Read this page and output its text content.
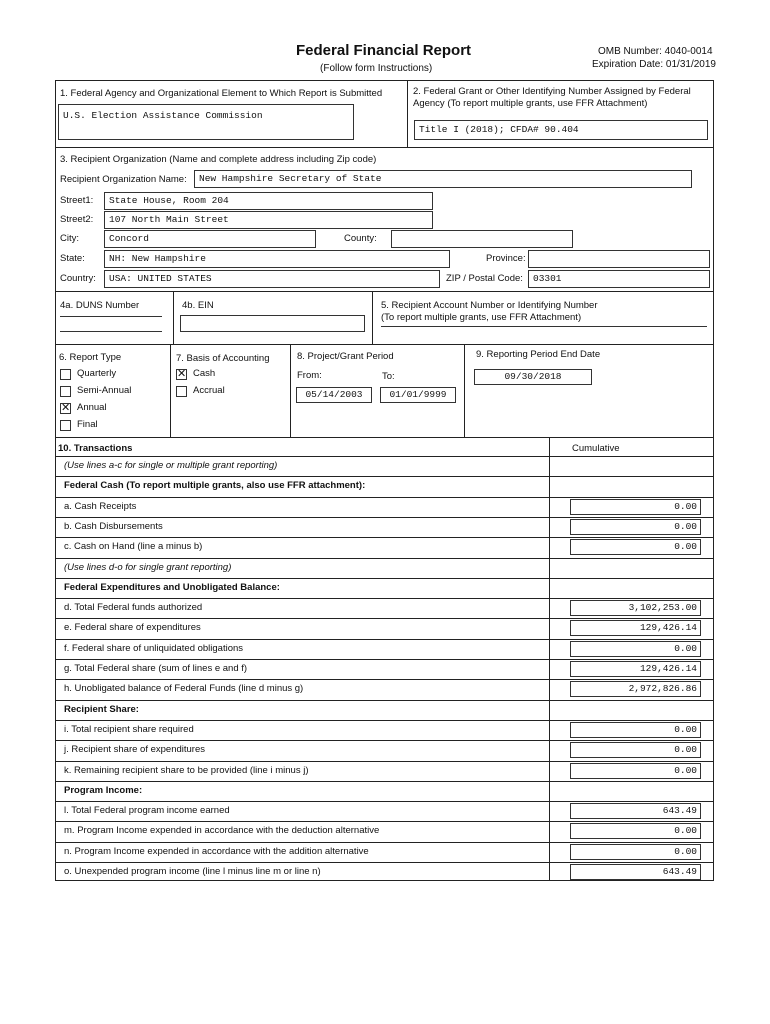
Federal Financial Report
(Follow form Instructions)
OMB Number: 4040-0014
Expiration Date: 01/31/2019
1. Federal Agency and Organizational Element to Which Report is Submitted
U.S. Election Assistance Commission
2. Federal Grant or Other Identifying Number Assigned by Federal
Agency (To report multiple grants, use FFR Attachment)
Title I (2018); CFDA# 90.404
3. Recipient Organization (Name and complete address including Zip code)
Recipient Organization Name:	New Hampshire Secretary of State
Street1:	State House, Room 204
Street2:	107 North Main Street
City:	Concord	County:
State:	NH: New Hampshire	Province:
Country:	USA: UNITED STATES	ZIP / Postal Code:	03301
4a. DUNS Number	4b. EIN	5. Recipient Account Number or Identifying Number
(To report multiple grants, use FFR Attachment)
6. Report Type
Quarterly
Semi-Annual
✕ Annual
Final
7. Basis of Accounting
✕ Cash
Accrual
8. Project/Grant Period
From:	To:
05/14/2003	01/01/9999
9. Reporting Period End Date
09/30/2018
10. Transactions	Cumulative
(Use lines a-c for single or multiple grant reporting)
Federal Cash (To report multiple grants, also use FFR attachment):
a. Cash Receipts	0.00
b. Cash Disbursements	0.00
c. Cash on Hand (line a minus b)	0.00
(Use lines d-o for single grant reporting)
Federal Expenditures and Unobligated Balance:
d. Total Federal funds authorized	3,102,253.00
e. Federal share of expenditures	129,426.14
f. Federal share of unliquidated obligations	0.00
g. Total Federal share (sum of lines e and f)	129,426.14
h. Unobligated balance of Federal Funds (line d minus g)	2,972,826.86
Recipient Share:
i. Total recipient share required	0.00
j. Recipient share of expenditures	0.00
k. Remaining recipient share to be provided (line i minus j)	0.00
Program Income:
l. Total Federal program income earned	643.49
m. Program Income expended in accordance with the deduction alternative	0.00
n. Program Income expended in accordance with the addition alternative	0.00
o. Unexpended program income (line l minus line m or line n)	643.49
